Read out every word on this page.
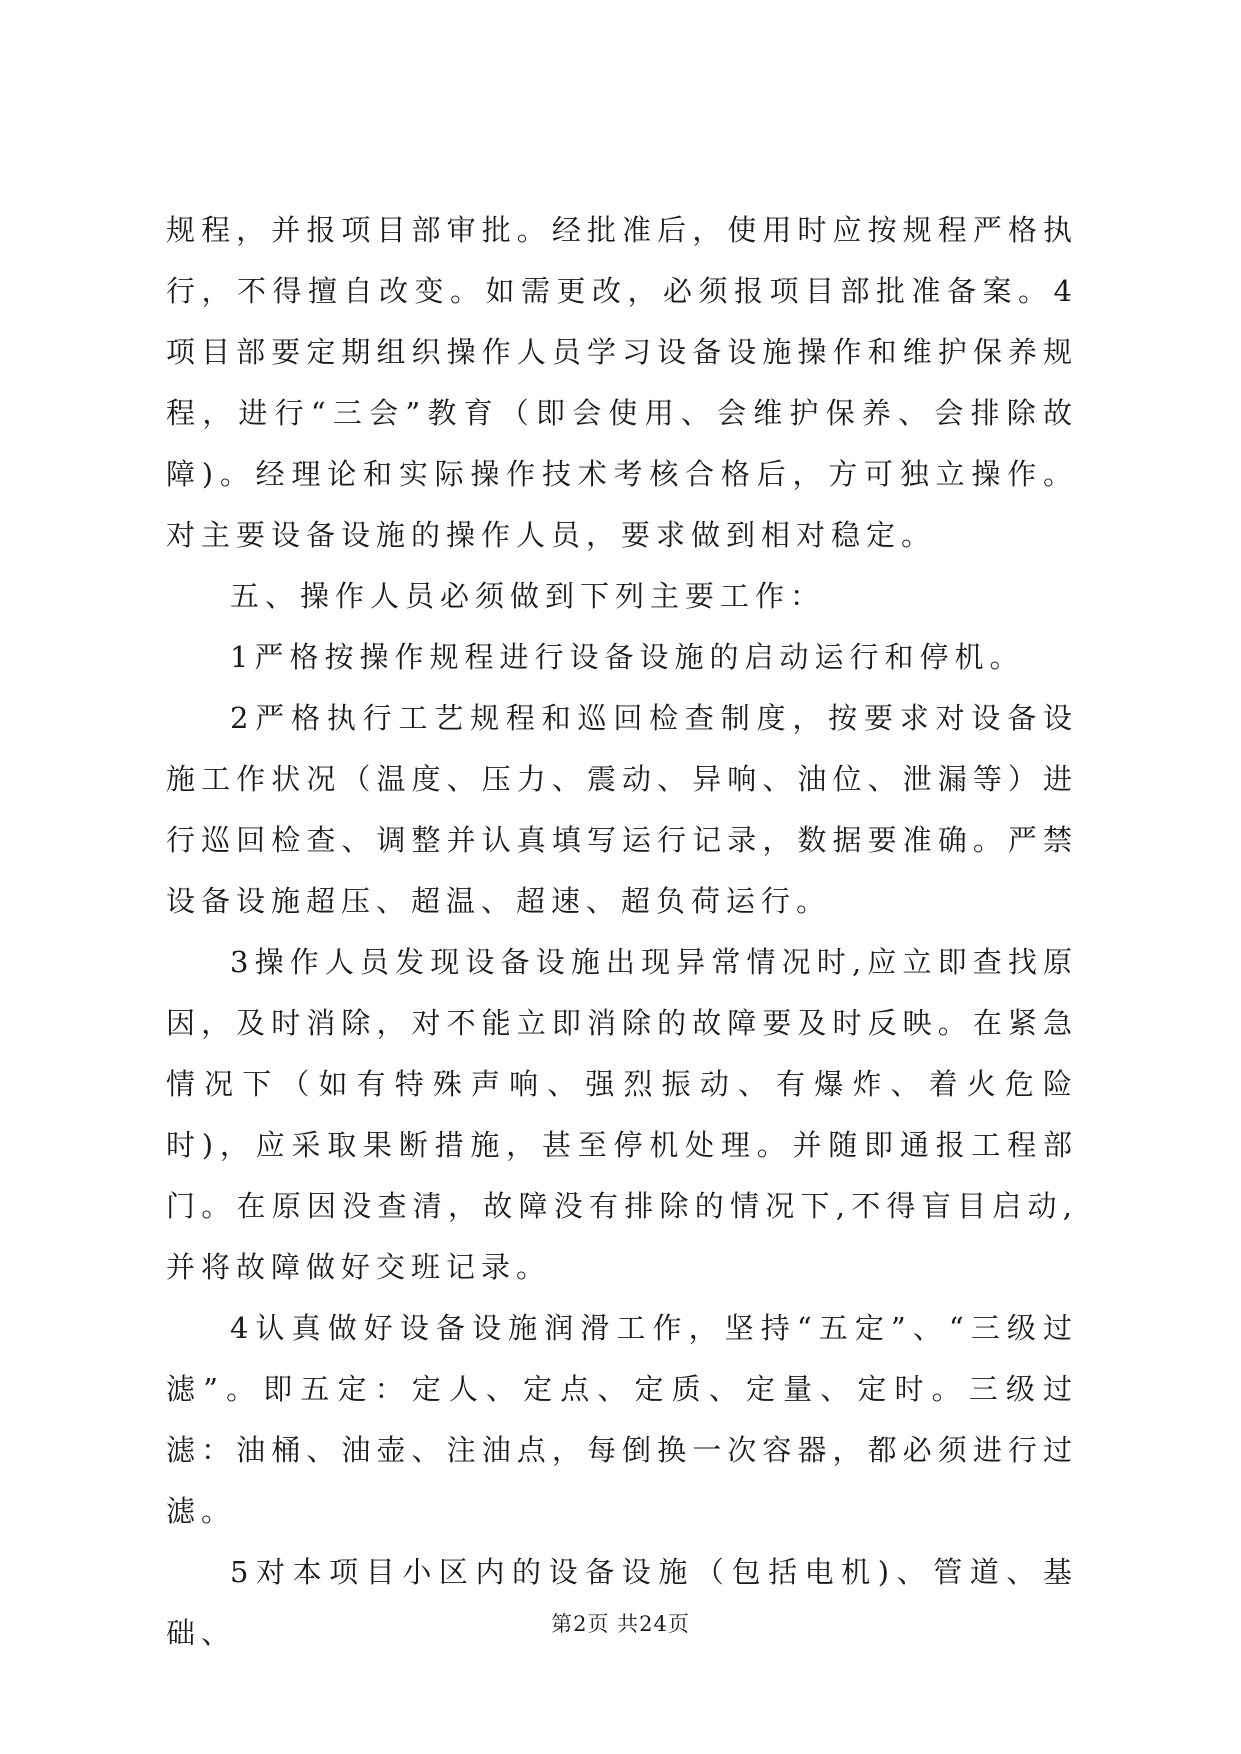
规程，并报项目部审批。经批准后，使用时应按规程严格执行，不得擅自改变。如需更改，必须报项目部批准备案。4项目部要定期组织操作人员学习设备设施操作和维护保养规程，进行“三会”教育（即会使用、会维护保养、会排除故障)。经理论和实际操作技术考核合格后，方可独立操作。对主要设备设施的操作人员，要求做到相对稳定。

五、操作人员必须做到下列主要工作：

1严格按操作规程进行设备设施的启动运行和停机。

2严格执行工艺规程和巡回检查制度，按要求对设备设施工作状况（温度、压力、震动、异响、油位、泄漏等）进行巡回检查、调整并认真填写运行记录，数据要准确。严禁设备设施超压、超温、超速、超负荷运行。

3操作人员发现设备设施出现异常情况时,应立即查找原因，及时消除，对不能立即消除的故障要及时反映。在紧急情况下（如有特殊声响、强烈振动、有爆炸、着火危险时)，应采取果断措施，甚至停机处理。并随即通报工程部门。在原因没查清，故障没有排除的情况下,不得盲目启动,并将故障做好交班记录。

4认真做好设备设施润滑工作，坚持“五定”、“三级过滤”。即五定：定人、定点、定质、定量、定时。三级过滤：油桶、油壶、注油点，每倒换一次容器，都必须进行过滤。

5对本项目小区内的设备设施（包括电机)、管道、基础、	第2页 共24页
